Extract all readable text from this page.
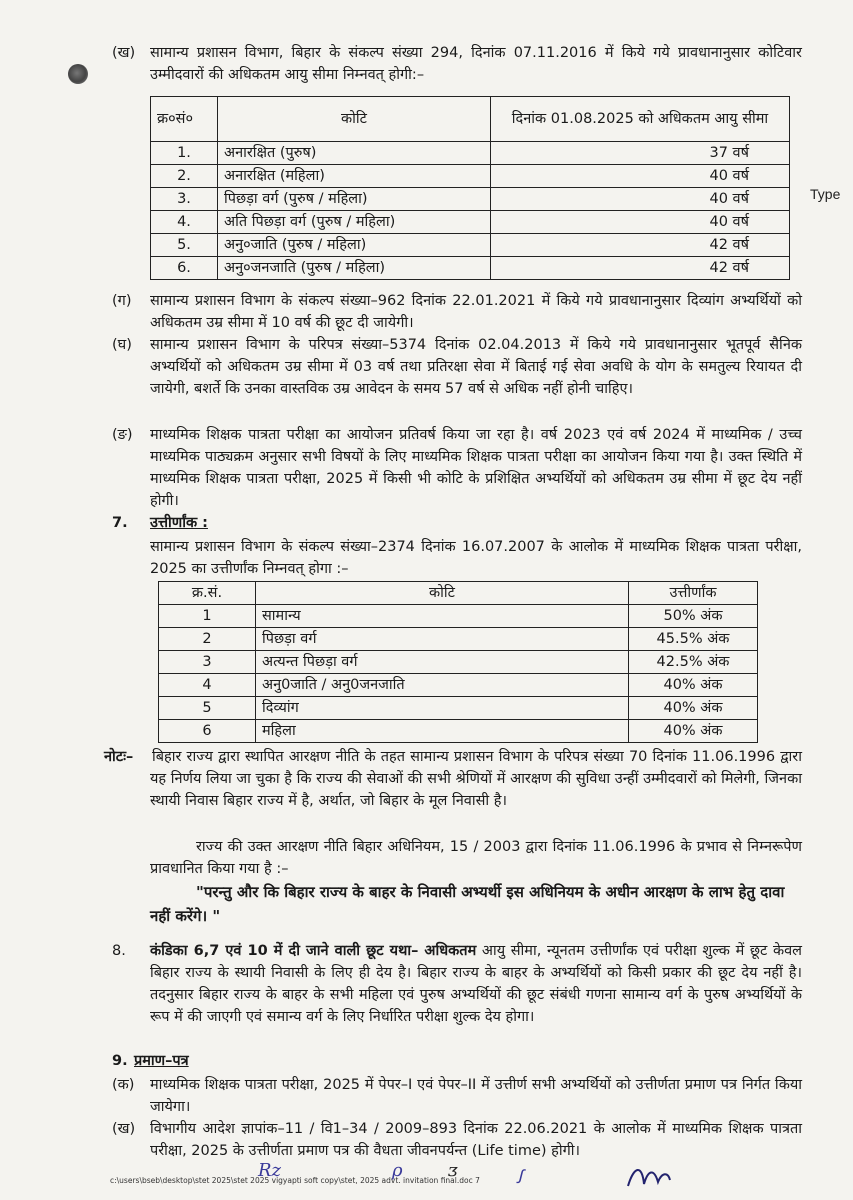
Type
(ख) सामान्य प्रशासन विभाग, बिहार के संकल्प संख्या 294, दिनांक 07.11.2016 में किये गये प्रावधानानुसार कोटिवार उम्मीदवारों की अधिकतम आयु सीमा निम्नवत् होगी:–
क्र०सं०	कोटि	दिनांक 01.08.2025 को अधिकतम आयु सीमा
1.	अनारक्षित (पुरुष)	37 वर्ष
2.	अनारक्षित (महिला)	40 वर्ष
3.	पिछड़ा वर्ग (पुरुष / महिला)	40 वर्ष
4.	अति पिछड़ा वर्ग (पुरुष / महिला)	40 वर्ष
5.	अनु०जाति (पुरुष / महिला)	42 वर्ष
6.	अनु०जनजाति (पुरुष / महिला)	42 वर्ष
(ग) सामान्य प्रशासन विभाग के संकल्प संख्या–962 दिनांक 22.01.2021 में किये गये प्रावधानानुसार दिव्यांग अभ्यर्थियों को अधिकतम उम्र सीमा में 10 वर्ष की छूट दी जायेगी।
(घ) सामान्य प्रशासन विभाग के परिपत्र संख्या–5374 दिनांक 02.04.2013 में किये गये प्रावधानानुसार भूतपूर्व सैनिक अभ्यर्थियों को अधिकतम उम्र सीमा में 03 वर्ष तथा प्रतिरक्षा सेवा में बिताई गई सेवा अवधि के योग के समतुल्य रियायत दी जायेगी, बशर्ते कि उनका वास्तविक उम्र आवेदन के समय 57 वर्ष से अधिक नहीं होनी चाहिए।
(ङ) माध्यमिक शिक्षक पात्रता परीक्षा का आयोजन प्रतिवर्ष किया जा रहा है। वर्ष 2023 एवं वर्ष 2024 में माध्यमिक / उच्च माध्यमिक पाठ्यक्रम अनुसार सभी विषयों के लिए माध्यमिक शिक्षक पात्रता परीक्षा का आयोजन किया गया है। उक्त स्थिति में माध्यमिक शिक्षक पात्रता परीक्षा, 2025 में किसी भी कोटि के प्रशिक्षित अभ्यर्थियों को अधिकतम उम्र सीमा में छूट देय नहीं होगी।
7. उत्तीर्णांक :
सामान्य प्रशासन विभाग के संकल्प संख्या–2374 दिनांक 16.07.2007 के आलोक में माध्यमिक शिक्षक पात्रता परीक्षा, 2025 का उत्तीर्णांक निम्नवत् होगा :–
क्र.सं.	कोटि	उत्तीर्णांक
1	सामान्य	50% अंक
2	पिछड़ा वर्ग	45.5% अंक
3	अत्यन्त पिछड़ा वर्ग	42.5% अंक
4	अनु0जाति / अनु0जनजाति	40% अंक
5	दिव्यांग	40% अंक
6	महिला	40% अंक
नोटः– बिहार राज्य द्वारा स्थापित आरक्षण नीति के तहत सामान्य प्रशासन विभाग के परिपत्र संख्या 70 दिनांक 11.06.1996 द्वारा यह निर्णय लिया जा चुका है कि राज्य की सेवाओं की सभी श्रेणियों में आरक्षण की सुविधा उन्हीं उम्मीदवारों को मिलेगी, जिनका स्थायी निवास बिहार राज्य में है, अर्थात, जो बिहार के मूल निवासी है।
राज्य की उक्त आरक्षण नीति बिहार अधिनियम, 15 / 2003 द्वारा दिनांक 11.06.1996 के प्रभाव से निम्नरूपेण प्रावधानित किया गया है :–
"परन्तु और कि बिहार राज्य के बाहर के निवासी अभ्यर्थी इस अधिनियम के अधीन आरक्षण के लाभ हेतु दावा नहीं करेंगे। "
8. कंडिका 6,7 एवं 10 में दी जाने वाली छूट यथा– अधिकतम आयु सीमा, न्यूनतम उत्तीर्णांक एवं परीक्षा शुल्क में छूट केवल बिहार राज्य के स्थायी निवासी के लिए ही देय है। बिहार राज्य के बाहर के अभ्यर्थियों को किसी प्रकार की छूट देय नहीं है। तदनुसार बिहार राज्य के बाहर के सभी महिला एवं पुरुष अभ्यर्थियों की छूट संबंधी गणना सामान्य वर्ग के पुरुष अभ्यर्थियों के रूप में की जाएगी एवं समान्य वर्ग के लिए निर्धारित परीक्षा शुल्क देय होगा।
9. प्रमाण–पत्र
(क) माध्यमिक शिक्षक पात्रता परीक्षा, 2025 में पेपर–I एवं पेपर–II में उत्तीर्ण सभी अभ्यर्थियों को उत्तीर्णता प्रमाण पत्र निर्गत किया जायेगा।
(ख) विभागीय आदेश ज्ञापांक–11 / वि1–34 / 2009–893 दिनांक 22.06.2021 के आलोक में माध्यमिक शिक्षक पात्रता परीक्षा, 2025 के उत्तीर्णता प्रमाण पत्र की वैधता जीवनपर्यन्त (Life time) होगी।
c:\users\bseb\desktop\stet 2025\stet 2025 vigyapti soft copy\stet, 2025 advt. invitation final.doc 7
Rz	ρ	ᴣ	ꭍ
